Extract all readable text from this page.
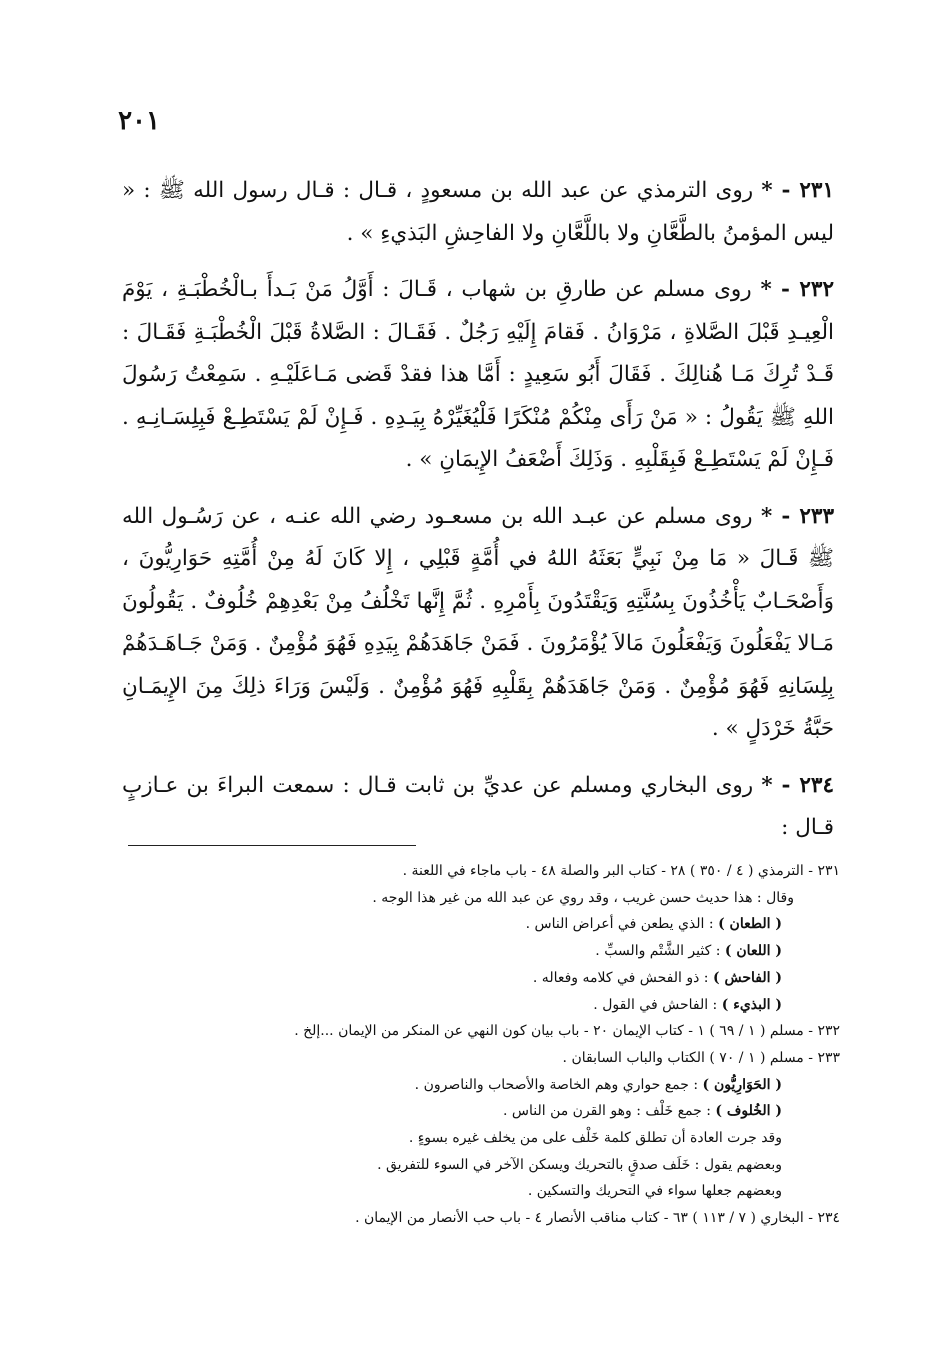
٢٠١

٢٣١ - * روى الترمذي عن عبد الله بن مسعودٍ ، قـال : قـال رسول الله ﷺ : « ليس المؤمنُ بالطَّعَّانِ ولا باللَّعَّانِ ولا الفاحِشِ البَذيءِ » .

٢٣٢ - * روى مسلم عن طارقِ بن شهاب ، قَـالَ : أَوَّلُ مَنْ بَـدأَ بـالْخُطْبَـةِ ، يَوْمَ الْعِيـدِ قَبْلَ الصَّلاةِ ، مَرْوَانُ . فَقامَ إِلَيْهِ رَجُلٌ . فَقَـالَ : الصَّلاةُ قَبْلَ الْخُطْبَـةِ فَقَـالَ : قَـدْ تُرِكَ مَـا هُنالِكَ . فَقَالَ أَبُو سَعِيدٍ : أَمَّا هذا فقدْ قَضى مَـاعَلَيْـهِ . سَمِعْتُ رَسُولَ اللهِ ﷺ يَقُولُ : « مَنْ رَأَى مِنْكُمْ مُنْكَرًا فَلْيُغَيِّرْهُ بِيَـدِهِ . فَـإِنْ لَمْ يَسْتَطِـعْ فَبِلِسَـانِـهِ . فَـإِنْ لَمْ يَسْتَطِـعْ فَبِقَلْبِهِ . وَذَلِكَ أَضْعَفُ الإِيمَانِ » .

٢٣٣ - * روى مسلم عن عبـد الله بن مسعـود رضي الله عنـه ، عن رَسُـول الله ﷺ قَـالَ « مَا مِنْ نَبِيٍّ بَعَثَهُ اللهُ في أُمَّةٍ قَبْلِي ، إِلا كَانَ لَهُ مِنْ أُمَّتِهِ حَوَارِيُّونَ ، وَأَصْحَـابٌ يَأْخُذُونَ بِسُنَّتِهِ وَيَقْتَدُونَ بِأَمْرِهِ . ثُمَّ إِنَّها تَخْلُفُ مِنْ بَعْدِهِمْ خُلُوفٌ . يَقُولُونَ مَـالا يَفْعَلُونَ وَيَفْعَلُونَ مَالاَ يُؤْمَرُونَ . فَمَنْ جَاهَدَهُمْ بِيَدِهِ فَهُوَ مُؤْمِنٌ . وَمَنْ جَـاهَـدَهُمْ بِلِسَانِهِ فَهُوَ مُؤْمِنٌ . وَمَنْ جَاهَدَهُمْ بِقَلْبِهِ فَهُوَ مُؤْمِنٌ . وَلَيْسَ وَرَاءَ ذلِكَ مِنَ الإِيمَـانِ حَبَّةُ خَرْدَلٍ » .

٢٣٤ - * روى البخاري ومسلم عن عديِّ بن ثابت قـال : سمعت البراءَ بن عـازبٍ قـال :

٢٣١ - الترمذي ( ٤ / ٣٥٠ ) ٢٨ - كتاب البر والصلة ٤٨ - باب ماجاء في اللعنة .

وقال : هذا حديث حسن غريب ، وقد روي عن عبد الله من غير هذا الوجه .

( الطعان ) : الذي يطعن في أعراض الناس .

( اللعان ) : كثير الشَّتْم والسبِّ .

( الفاحش ) : ذو الفحش في كلامه وفعاله .

( البذيء ) : الفاحش في القول .

٢٣٢ - مسلم ( ١ / ٦٩ ) ١ - كتاب الإيمان ٢٠ - باب بيان كون النهي عن المنكر من الإيمان ...إلخ .

٢٣٣ - مسلم ( ١ / ٧٠ ) الكتاب والباب السابقان .

( الحَوَارِيُّون ) : جمع حواري وهم الخاصة والأصحاب والناصرون .

( الخُلوف ) : جمع خَلْف : وهو القرن من الناس .

وقد جرت العادة أن تطلق كلمة خَلْف على من يخلف غيره بسوءٍ .

وبعضهم يقول : خَلَف صدقٍ بالتحريك ويسكن الآخر في السوء للتفريق .

وبعضهم جعلها سواء في التحريك والتسكين .

٢٣٤ - البخاري ( ٧ / ١١٣ ) ٦٣ - كتاب مناقب الأنصار ٤ - باب حب الأنصار من الإيمان .
